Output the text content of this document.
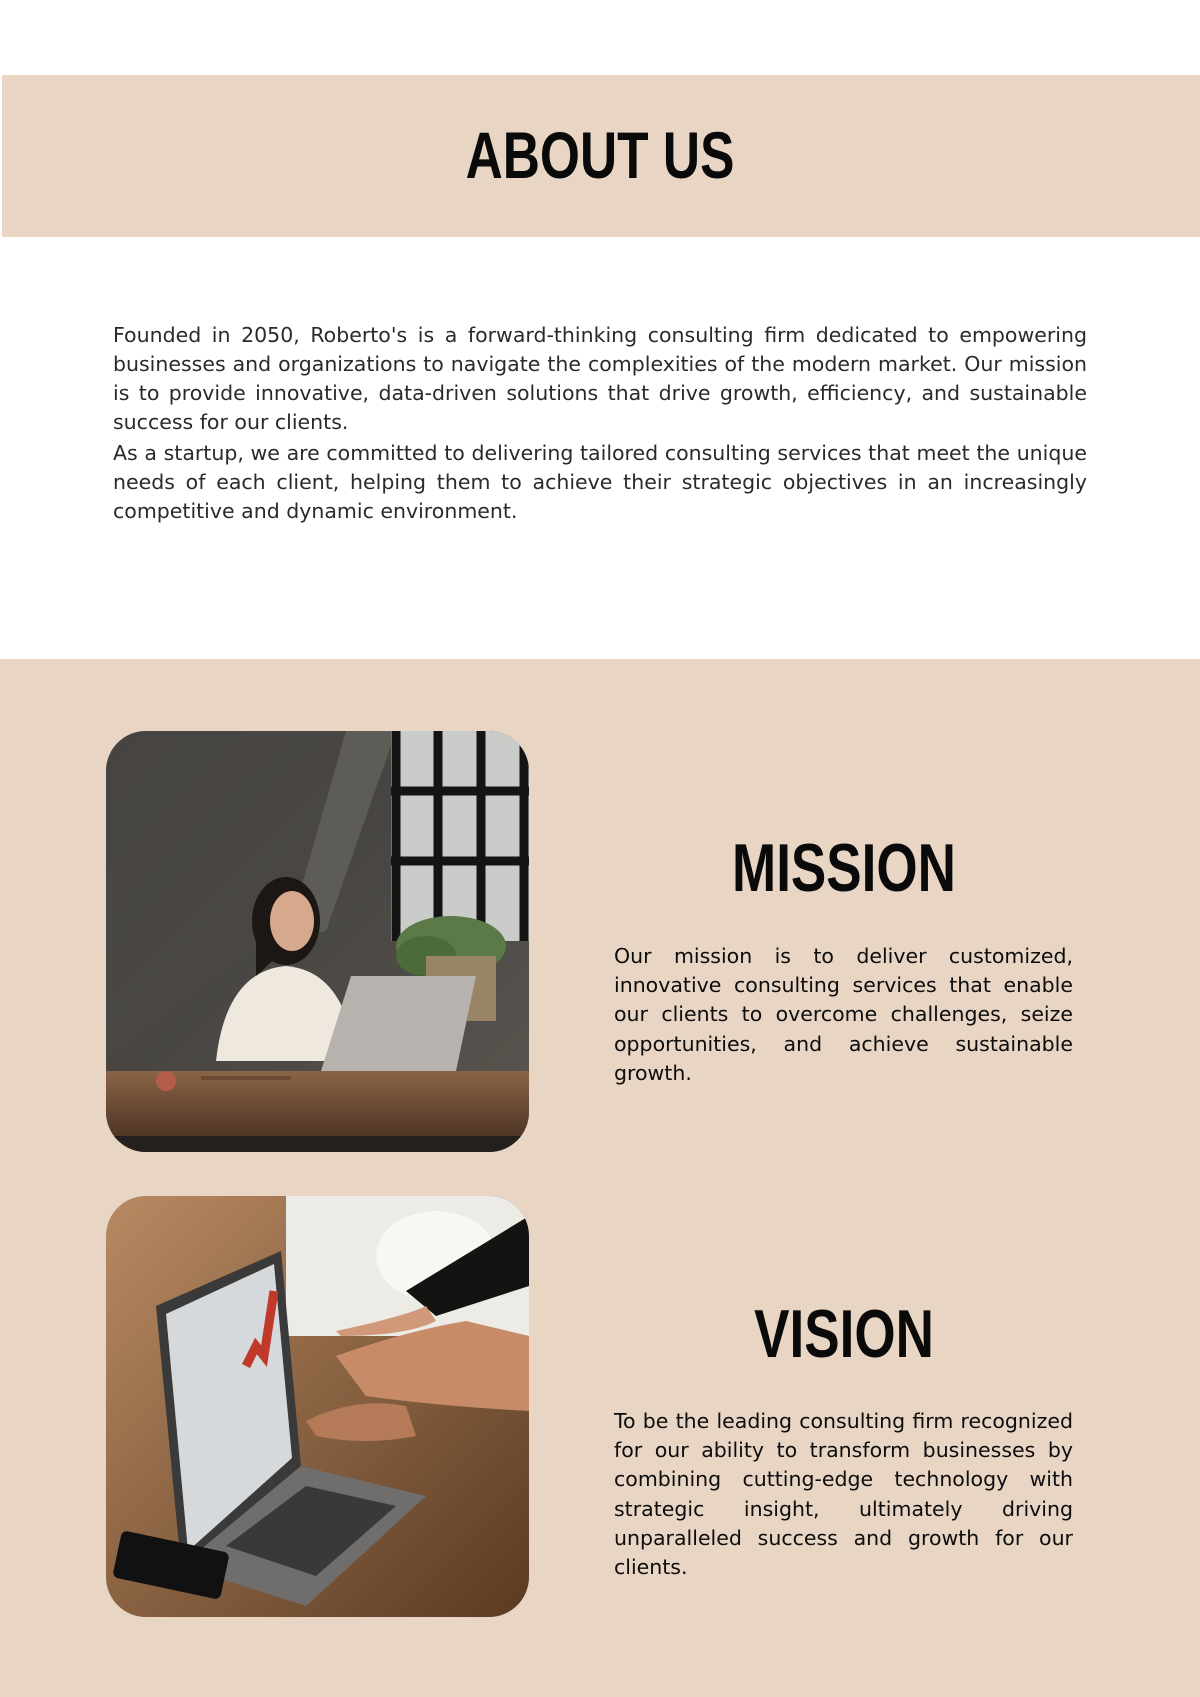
ABOUT US

Founded in 2050, Roberto's is a forward-thinking consulting firm dedicated to empowering businesses and organizations to navigate the complexities of the modern market. Our mission is to provide innovative, data-driven solutions that drive growth, efficiency, and sustainable success for our clients.

As a startup, we are committed to delivering tailored consulting services that meet the unique needs of each client, helping them to achieve their strategic objectives in an increasingly competitive and dynamic environment.

MISSION

Our mission is to deliver customized, innovative consulting services that enable our clients to overcome challenges, seize opportunities, and achieve sustainable growth.

VISION

To be the leading consulting firm recognized for our ability to transform businesses by combining cutting-edge technology with strategic insight, ultimately driving unparalleled success and growth for our clients.
